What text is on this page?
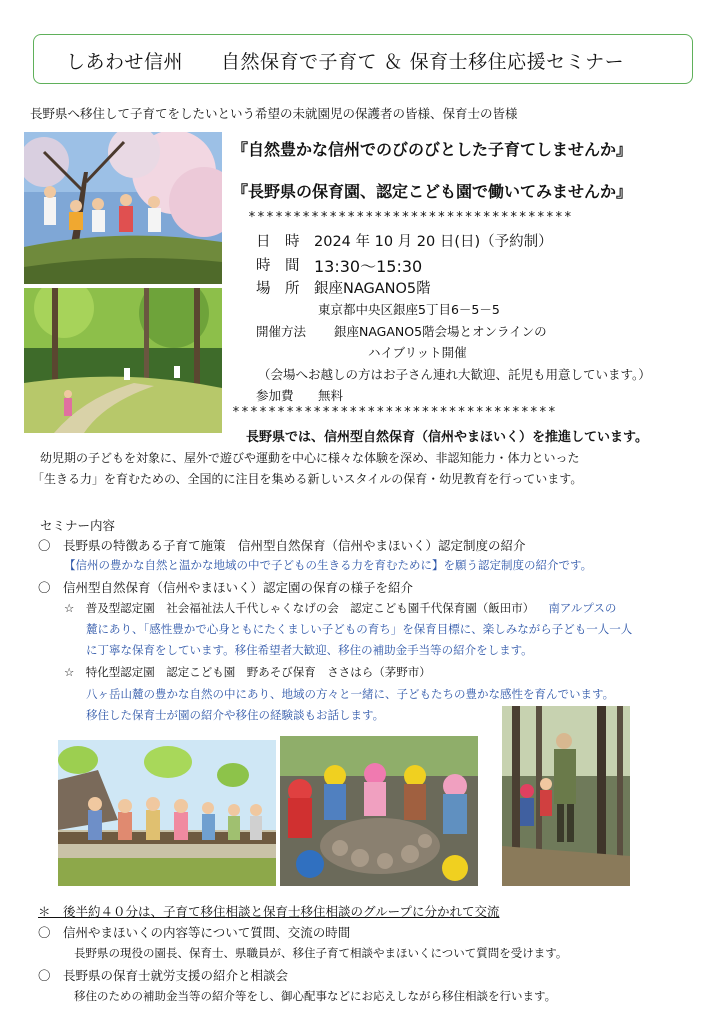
しあわせ信州 自然保育で子育て ＆ 保育士移住応援セミナー
長野県へ移住して子育てをしたいという希望の未就園児の保護者の皆様、保育士の皆様
『自然豊かな信州でのびのびとした子育てしませんか』
『長野県の保育園、認定こども園で働いてみませんか』
************************************
日　時 2024 年 10 月 20 日(日)（予約制）
時　間 13:30～15:30
場　所 銀座NAGANO5階
東京都中央区銀座5丁目6－5－5
開催方法 銀座NAGANO5階会場とオンラインの
ハイブリット開催
（会場へお越しの方はお子さん連れ大歓迎、託児も用意しています。）
参加費 無料
************************************
長野県では、信州型自然保育（信州やまほいく）を推進しています。
幼児期の子どもを対象に、屋外で遊びや運動を中心に様々な体験を深め、非認知能力・体力といった
「生きる力」を育むための、全国的に注目を集める新しいスタイルの保育・幼児教育を行っています。
セミナー内容
〇　長野県の特徴ある子育て施策　信州型自然保育（信州やまほいく）認定制度の紹介
【信州の豊かな自然と温かな地域の中で子どもの生きる力を育むために】を願う認定制度の紹介です。
〇　信州型自然保育（信州やまほいく）認定園の保育の様子を紹介
☆　普及型認定園　社会福祉法人千代しゃくなげの会　認定こども園千代保育園（飯田市） 南アルプスの
麓にあり、「感性豊かで心身ともにたくましい子どもの育ち」を保育目標に、楽しみながら子ども一人一人
に丁寧な保育をしています。移住希望者大歓迎、移住の補助金手当等の紹介をします。
☆　特化型認定園　認定こども園　野あそび保育　ささはら（茅野市）
八ヶ岳山麓の豊かな自然の中にあり、地域の方々と一緒に、子どもたちの豊かな感性を育んでいます。
移住した保育士が園の紹介や移住の経験談もお話します。
＊　後半約４０分は、子育て移住相談と保育士移住相談のグループに分かれて交流
〇　信州やまほいくの内容等について質問、交流の時間
長野県の現役の園長、保育士、県職員が、移住子育て相談やまほいくについて質問を受けます。
〇　長野県の保育士就労支援の紹介と相談会
移住のための補助金当等の紹介等をし、御心配事などにお応えしながら移住相談を行います。
